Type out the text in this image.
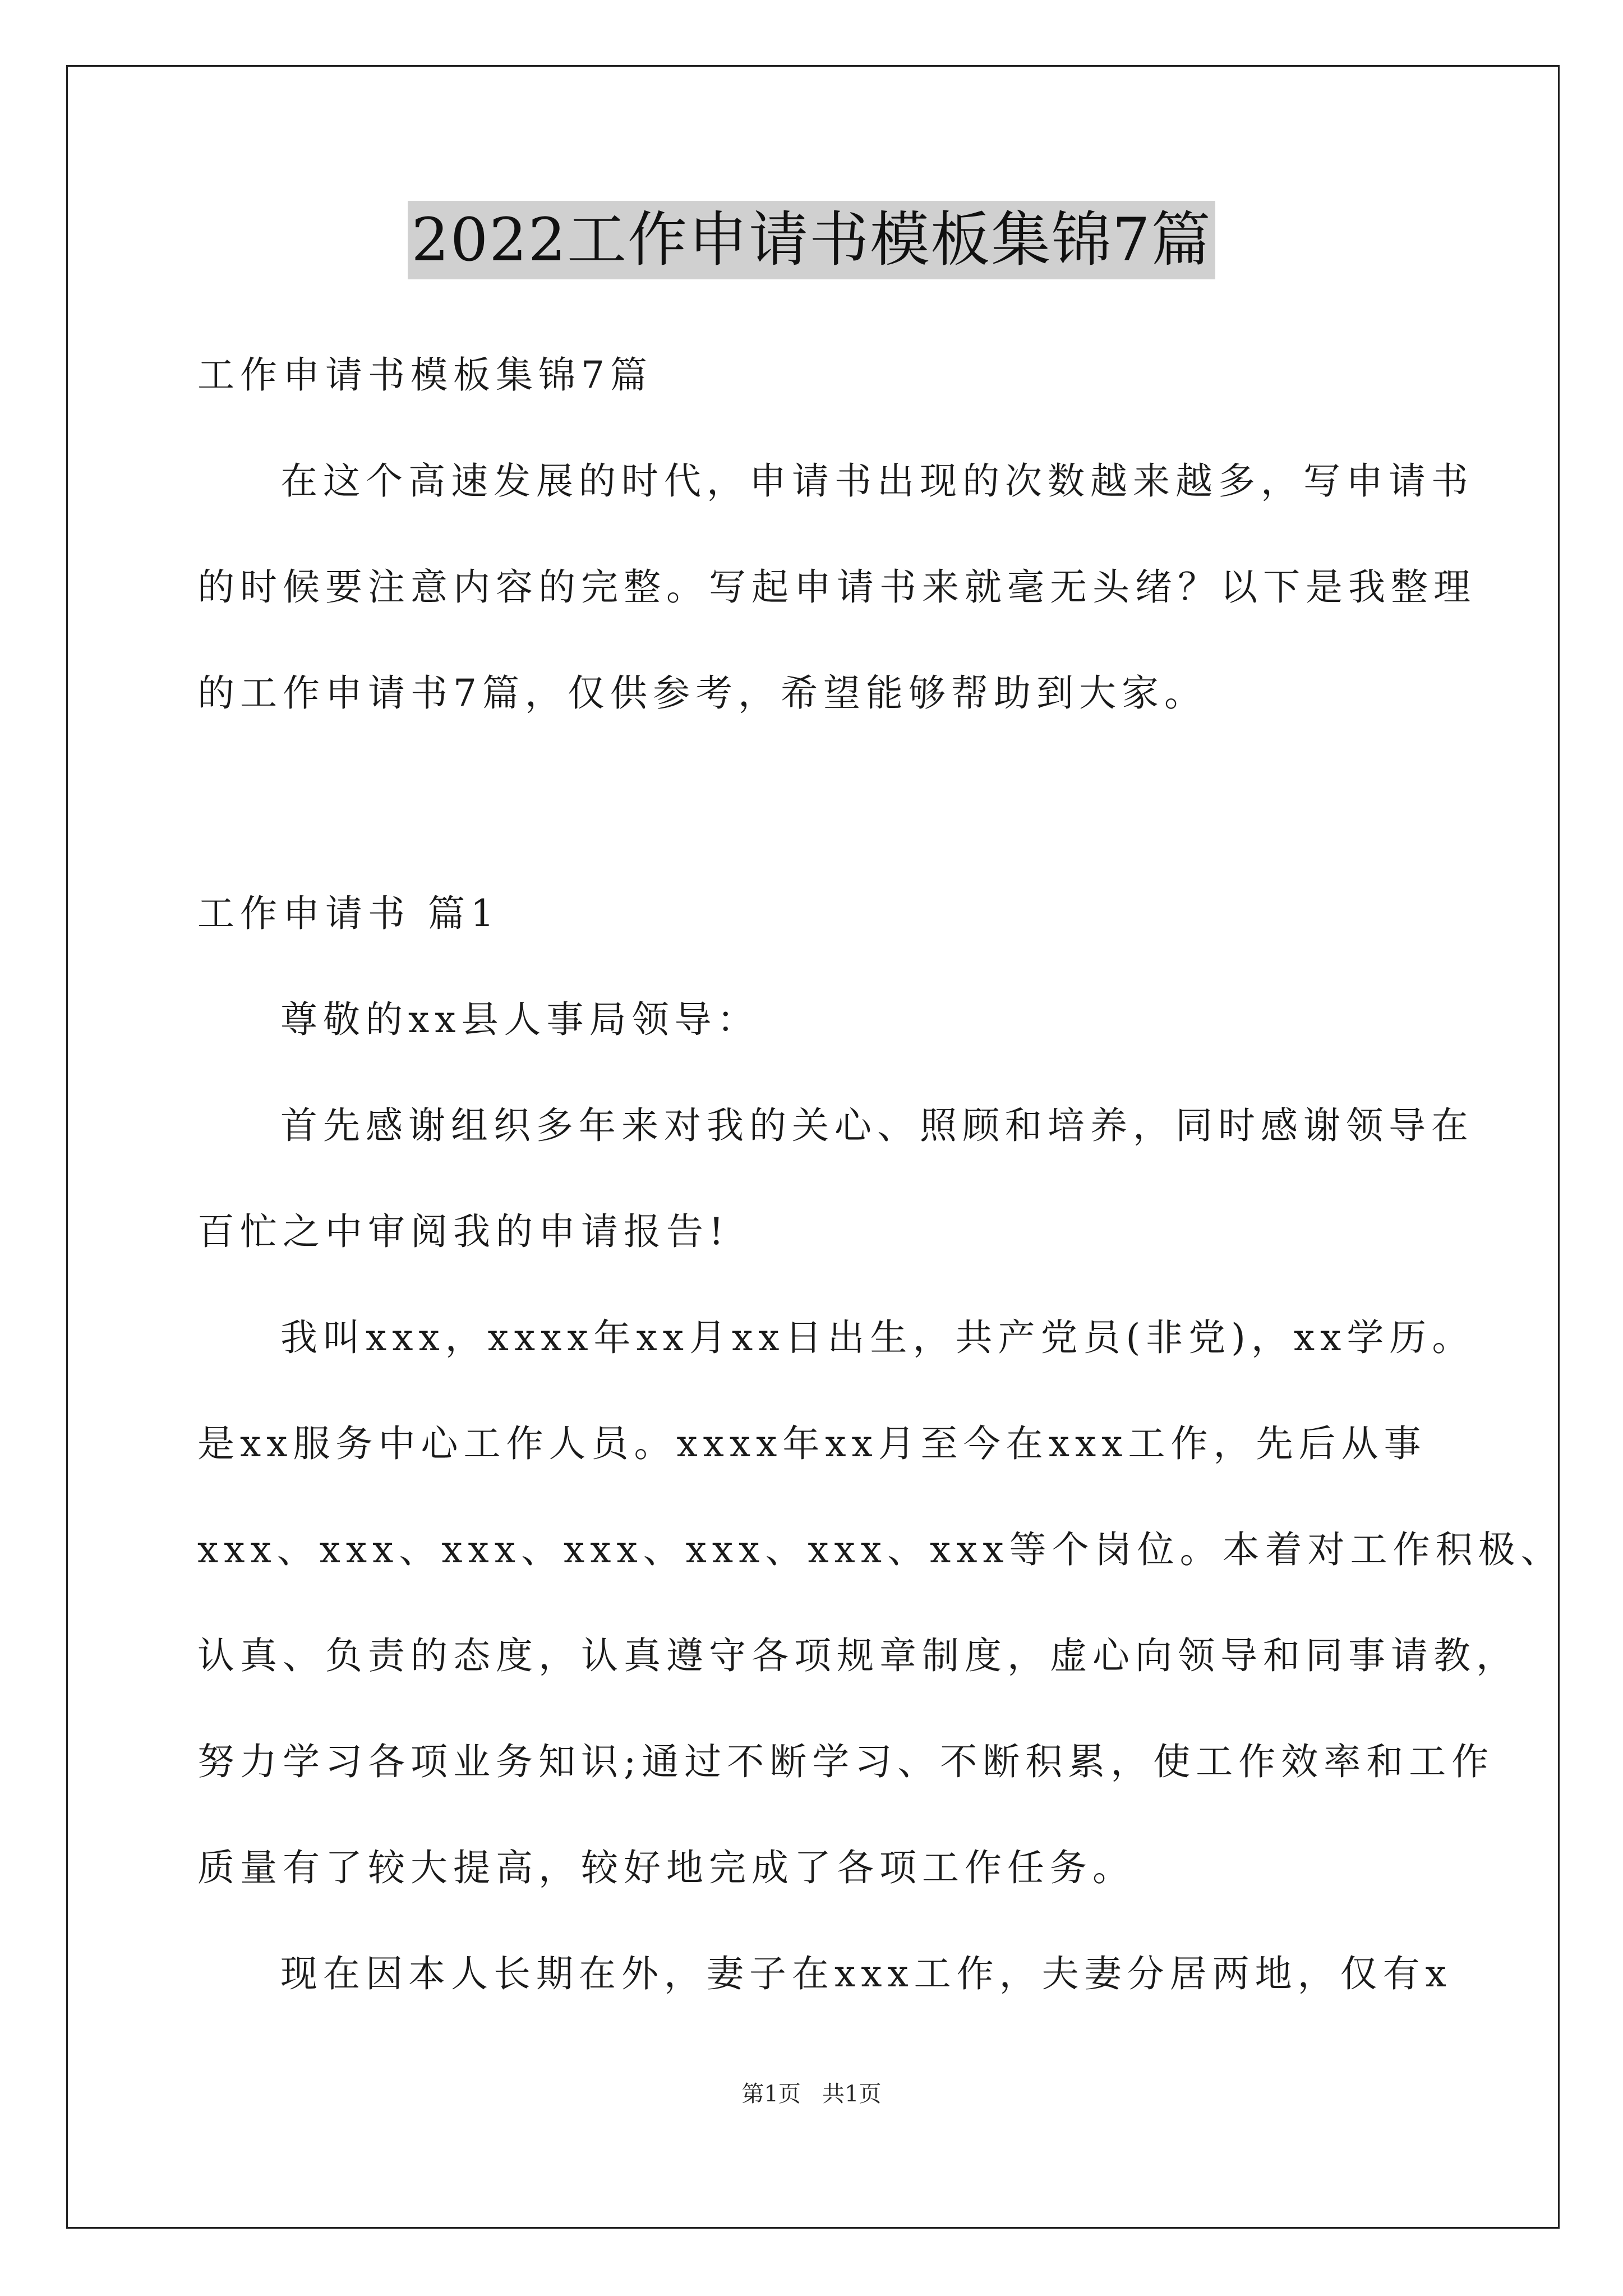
2022工作申请书模板集锦7篇
工作申请书模板集锦7篇
在这个高速发展的时代，申请书出现的次数越来越多，写申请书
的时候要注意内容的完整。写起申请书来就毫无头绪？以下是我整理
的工作申请书7篇，仅供参考，希望能够帮助到大家。
工作申请书 篇1
尊敬的xx县人事局领导：
首先感谢组织多年来对我的关心、照顾和培养，同时感谢领导在
百忙之中审阅我的申请报告!
我叫xxx，xxxx年xx月xx日出生，共产党员(非党)，xx学历。
是xx服务中心工作人员。xxxx年xx月至今在xxx工作，先后从事
xxx、xxx、xxx、xxx、xxx、xxx、xxx等个岗位。本着对工作积极、
认真、负责的态度，认真遵守各项规章制度，虚心向领导和同事请教，
努力学习各项业务知识;通过不断学习、不断积累，使工作效率和工作
质量有了较大提高，较好地完成了各项工作任务。
现在因本人长期在外，妻子在xxx工作，夫妻分居两地，仅有x
第1页   共1页
